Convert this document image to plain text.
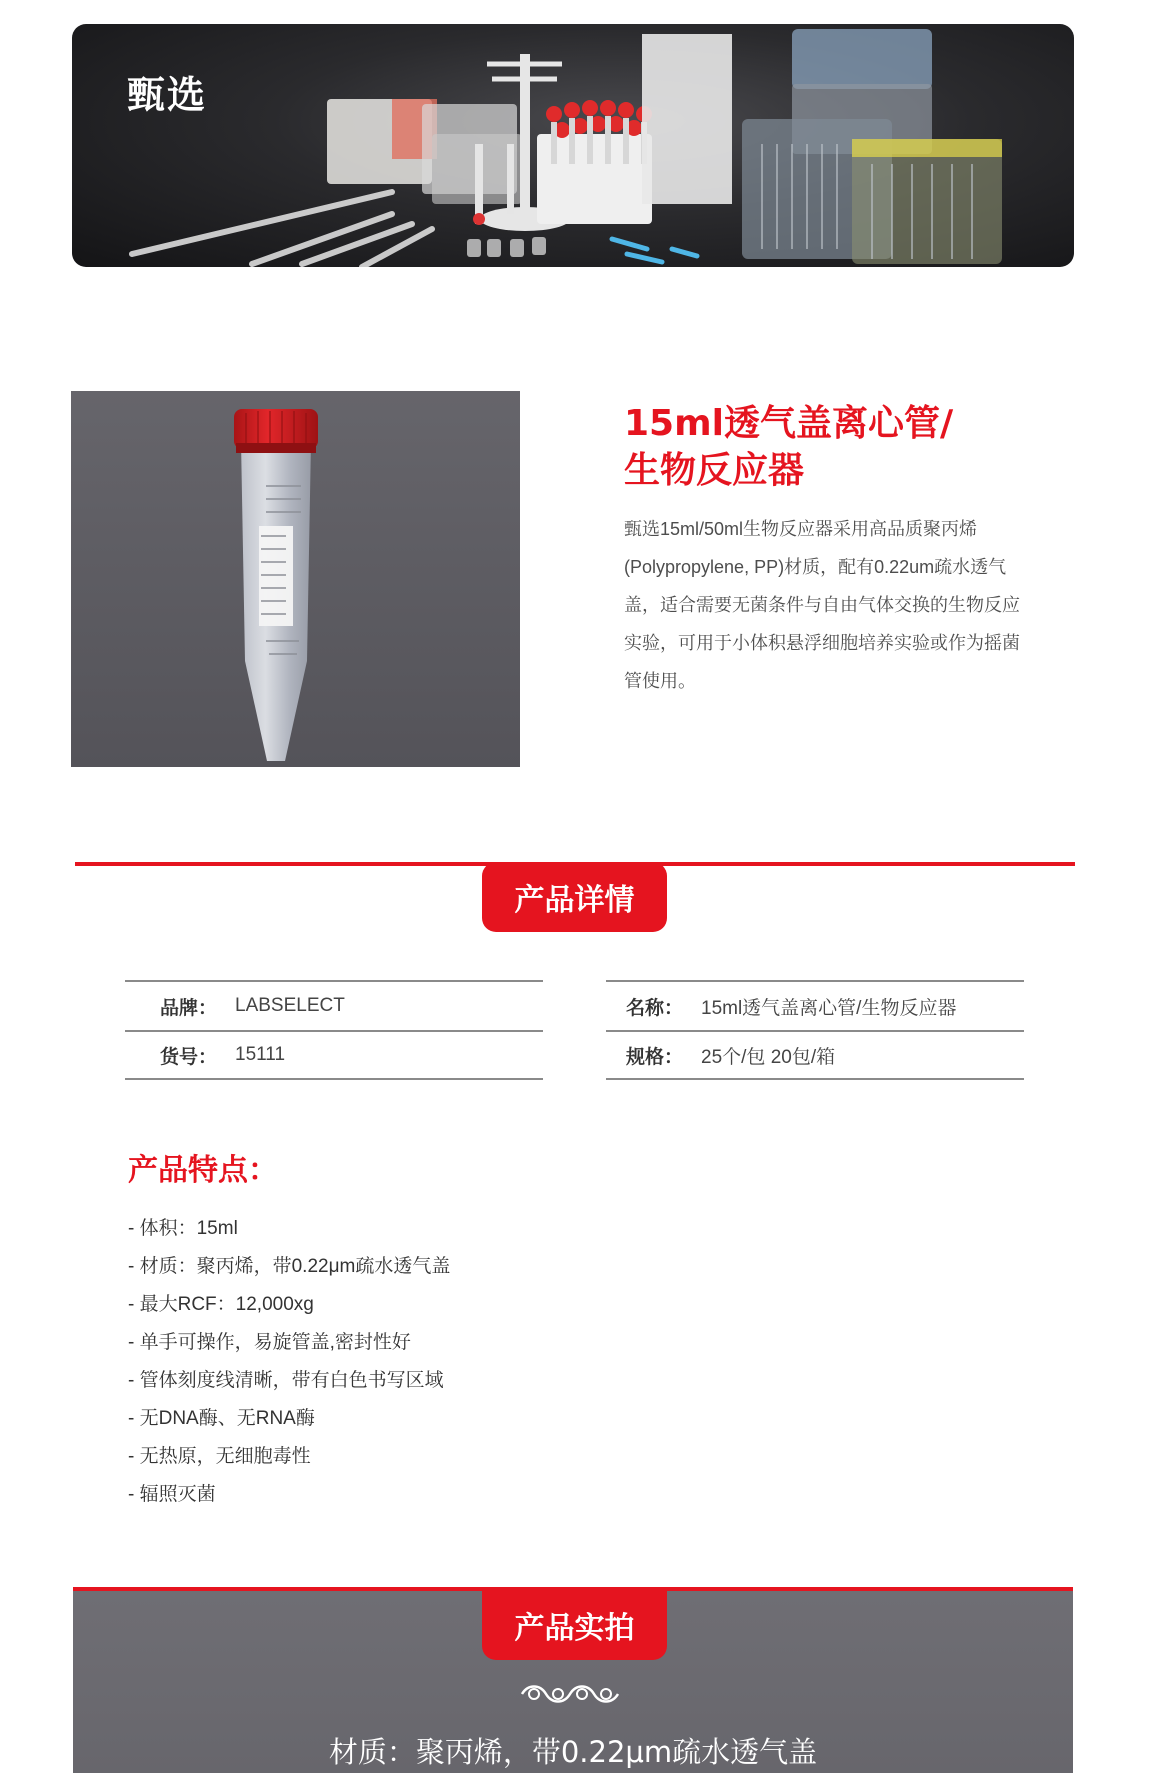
甄选
15ml透气盖离心管/
生物反应器
甄选15ml/50ml生物反应器采用高品质聚丙烯(Polypropylene, PP)材质，配有0.22um疏水透气盖，适合需要无菌条件与自由气体交换的生物反应实验，可用于小体积悬浮细胞培养实验或作为摇菌管使用。
产品详情
品牌： LABSELECT
货号： 15111
名称： 15ml透气盖离心管/生物反应器
规格： 25个/包 20包/箱
产品特点：
- 体积：15ml
- 材质：聚丙烯，带0.22μm疏水透气盖
- 最大RCF：12,000xg
- 单手可操作，易旋管盖,密封性好
- 管体刻度线清晰，带有白色书写区域
- 无DNA酶、无RNA酶
- 无热原，无细胞毒性
- 辐照灭菌
材质：聚丙烯，带0.22μm疏水透气盖
产品实拍
